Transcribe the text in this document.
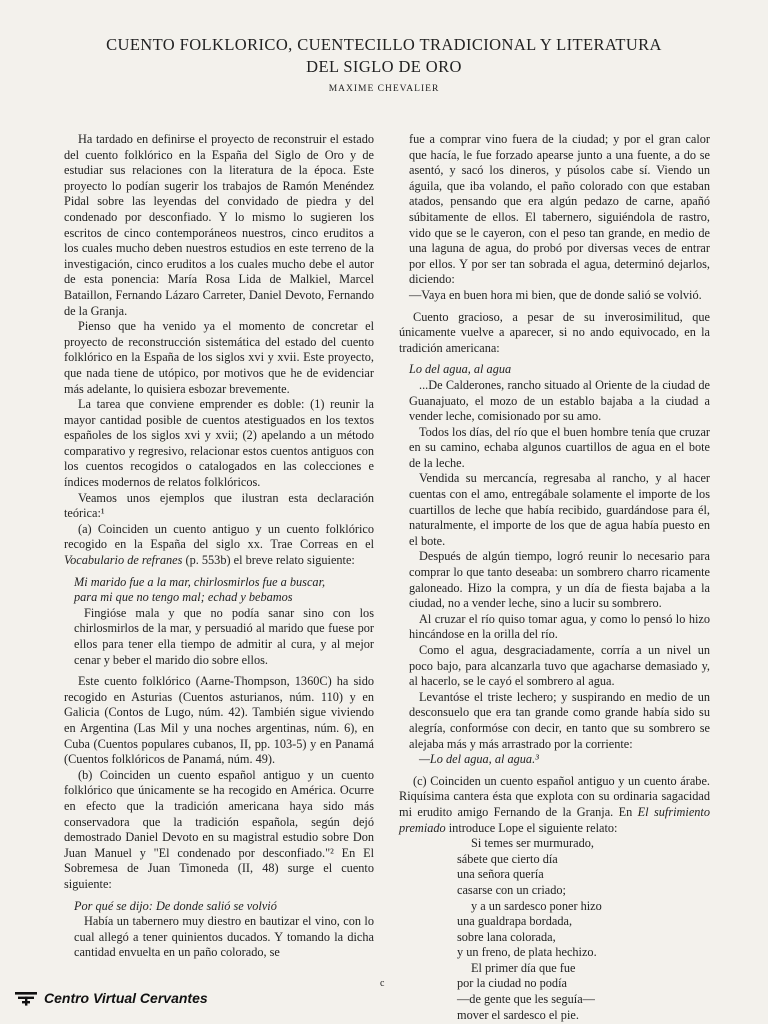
CUENTO FOLKLORICO, CUENTECILLO TRADICIONAL Y LITERATURA
DEL SIGLO DE ORO
MAXIME CHEVALIER

Ha tardado en definirse el proyecto de reconstruir el estado del cuento folklórico en la España del Siglo de Oro y de estudiar sus relaciones con la literatura de la época. Este proyecto lo podían sugerir los trabajos de Ramón Menéndez Pidal sobre las leyendas del convidado de piedra y del condenado por desconfiado. Y lo mismo lo sugieren los escritos de cinco contemporáneos nuestros, cinco eruditos a los cuales mucho deben nuestros estudios en este terreno de la investigación, cinco eruditos a los cuales mucho debe el autor de esta ponencia: María Rosa Lida de Malkiel, Marcel Bataillon, Fernando Lázaro Carreter, Daniel Devoto, Fernando de la Granja.

Pienso que ha venido ya el momento de concretar el proyecto de reconstrucción sistemática del estado del cuento folklórico en la España de los siglos xvi y xvii. Este proyecto, que nada tiene de utópico, por motivos que he de evidenciar más adelante, lo quisiera esbozar brevemente.

La tarea que conviene emprender es doble: (1) reunir la mayor cantidad posible de cuentos atestiguados en los textos españoles de los siglos xvi y xvii; (2) apelando a un método comparativo y regresivo, relacionar estos cuentos antiguos con los cuentos recogidos o catalogados en las colecciones e índices modernos de relatos folklóricos.

Veamos unos ejemplos que ilustran esta declaración teórica:¹

(a) Coinciden un cuento antiguo y un cuento folklórico recogido en la España del siglo xx. Trae Correas en el Vocabulario de refranes (p. 553b) el breve relato siguiente:

Mi marido fue a la mar, chirlosmirlos fue a buscar,
para mi que no tengo mal; echad y bebamos

Fingióse mala y que no podía sanar sino con los chirlosmirlos de la mar, y persuadió al marido que fuese por ellos para tener ella tiempo de admitir al cura, y al mejor cenar y beber el marido dio sobre ellos.

Este cuento folklórico (Aarne-Thompson, 1360C) ha sido recogido en Asturias (Cuentos asturianos, núm. 110) y en Galicia (Contos de Lugo, núm. 42). También sigue viviendo en Argentina (Las Mil y una noches argentinas, núm. 6), en Cuba (Cuentos populares cubanos, II, pp. 103-5) y en Panamá (Cuentos folklóricos de Panamá, núm. 49).

(b) Coinciden un cuento español antiguo y un cuento folklórico que únicamente se ha recogido en América. Ocurre en efecto que la tradición americana haya sido más conservadora que la tradición española, según dejó demostrado Daniel Devoto en su magistral estudio sobre Don Juan Manuel y "El condenado por desconfiado."² En El Sobremesa de Juan Timoneda (II, 48) surge el cuento siguiente:

Por qué se dijo: De donde salió se volvió

Había un tabernero muy diestro en bautizar el vino, con lo cual allegó a tener quinientos ducados. Y tomando la dicha cantidad envuelta en un paño colorado, se

fue a comprar vino fuera de la ciudad; y por el gran calor que hacía, le fue forzado apearse junto a una fuente, a do se asentó, y sacó los dineros, y púsolos cabe sí. Viendo un águila, que iba volando, el paño colorado con que estaban atados, pensando que era algún pedazo de carne, apañó súbitamente de ellos. El tabernero, siguiéndola de rastro, vido que se le cayeron, con el peso tan grande, en medio de una laguna de agua, do probó por diversas veces de entrar por ellos. Y por ser tan sobrada el agua, determinó dejarlos, diciendo:

—Vaya en buen hora mi bien, que de donde salió se volvió.

Cuento gracioso, a pesar de su inverosimilitud, que únicamente vuelve a aparecer, si no ando equivocado, en la tradición americana:

Lo del agua, al agua

...De Calderones, rancho situado al Oriente de la ciudad de Guanajuato, el mozo de un establo bajaba a la ciudad a vender leche, comisionado por su amo.

Todos los días, del río que el buen hombre tenía que cruzar en su camino, echaba algunos cuartillos de agua en el bote de la leche.

Vendida su mercancía, regresaba al rancho, y al hacer cuentas con el amo, entregábale solamente el importe de los cuartillos de leche que había recibido, guardándose para él, naturalmente, el importe de los que de agua había puesto en el bote.

Después de algún tiempo, logró reunir lo necesario para comprar lo que tanto deseaba: un sombrero charro ricamente galoneado. Hizo la compra, y un día de fiesta bajaba a la ciudad, no a vender leche, sino a lucir su sombrero.

Al cruzar el río quiso tomar agua, y como lo pensó lo hizo hincándose en la orilla del río.

Como el agua, desgraciadamente, corría a un nivel un poco bajo, para alcanzarla tuvo que agacharse demasiado y, al hacerlo, se le cayó el sombrero al agua.

Levantóse el triste lechero; y suspirando en medio de un desconsuelo que era tan grande como grande había sido su alegría, conformóse con decir, en tanto que su sombrero se alejaba más y más arrastrado por la corriente:

—Lo del agua, al agua.³

(c) Coinciden un cuento español antiguo y un cuento árabe. Riquísima cantera ésta que explota con su ordinaria sagacidad mi erudito amigo Fernando de la Granja. En El sufrimiento premiado introduce Lope el siguiente relato:

Si temes ser murmurado,
sábete que cierto día
una señora quería
casarse con un criado;
y a un sardesco poner hizo
una gualdrapa bordada,
sobre lana colorada,
y un freno, de plata hechizo.
El primer día que fue
por la ciudad no podía
—de gente que les seguía—
mover el sardesco el pie.
c
Centro Virtual Cervantes
